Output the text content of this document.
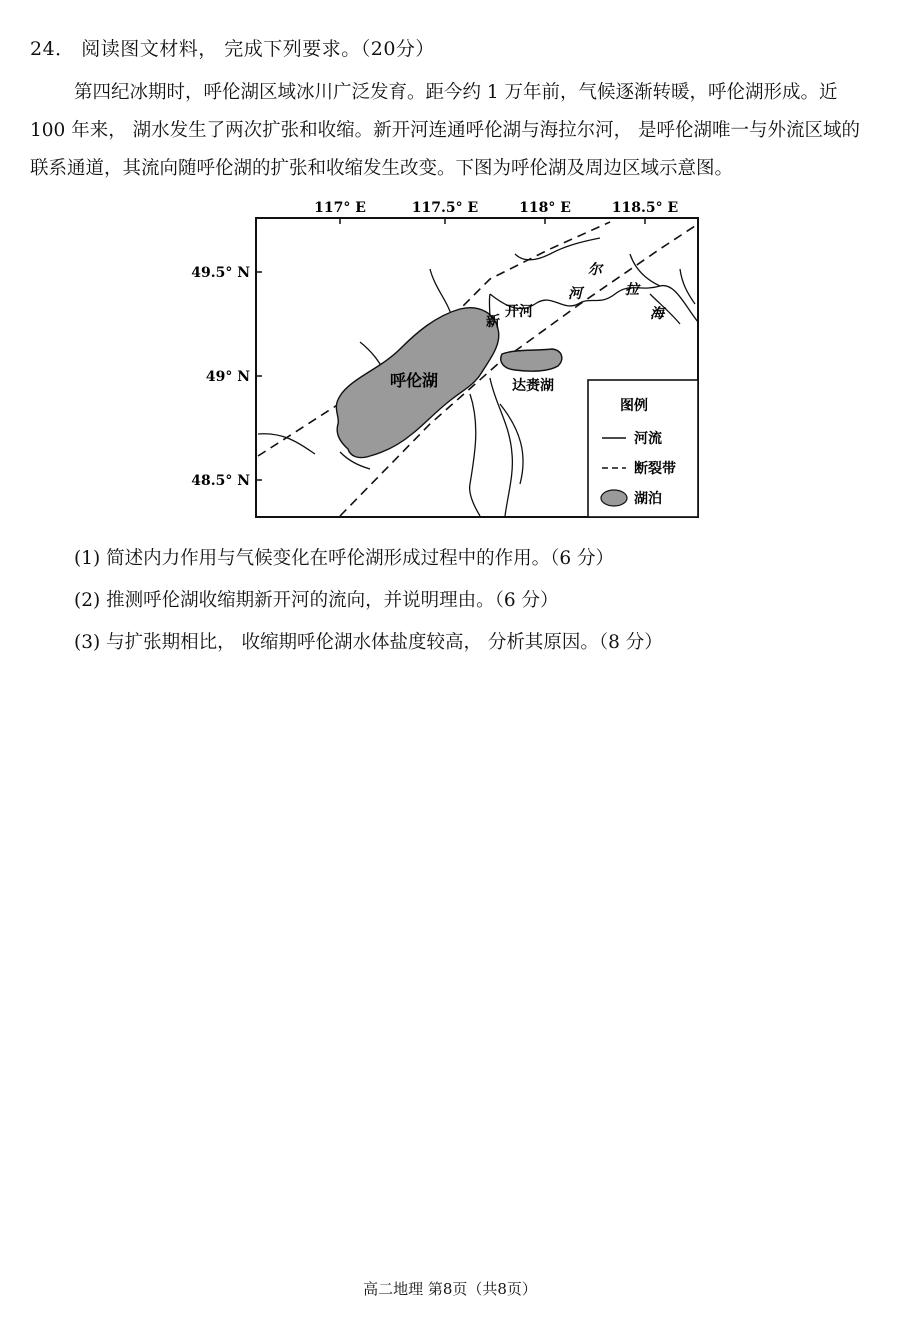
24． 阅读图文材料， 完成下列要求。（20分）
第四纪冰期时，呼伦湖区域冰川广泛发育。距今约 1 万年前，气候逐渐转暖，呼伦湖形成。近 100 年来， 湖水发生了两次扩张和收缩。新开河连通呼伦湖与海拉尔河， 是呼伦湖唯一与外流区域的联系通道，其流向随呼伦湖的扩张和收缩发生改变。下图为呼伦湖及周边区域示意图。
117° E	117.5° E	118° E	118.5° E
49.5° N
49° N
48.5° N
呼伦湖	达赉湖
新
开河
尔
河	拉
海
图例
河流
断裂带
湖泊
(1) 简述内力作用与气候变化在呼伦湖形成过程中的作用。（6 分）
(2) 推测呼伦湖收缩期新开河的流向，并说明理由。（6 分）
(3) 与扩张期相比， 收缩期呼伦湖水体盐度较高， 分析其原因。（8 分）
高二地理 第8页（共8页）
